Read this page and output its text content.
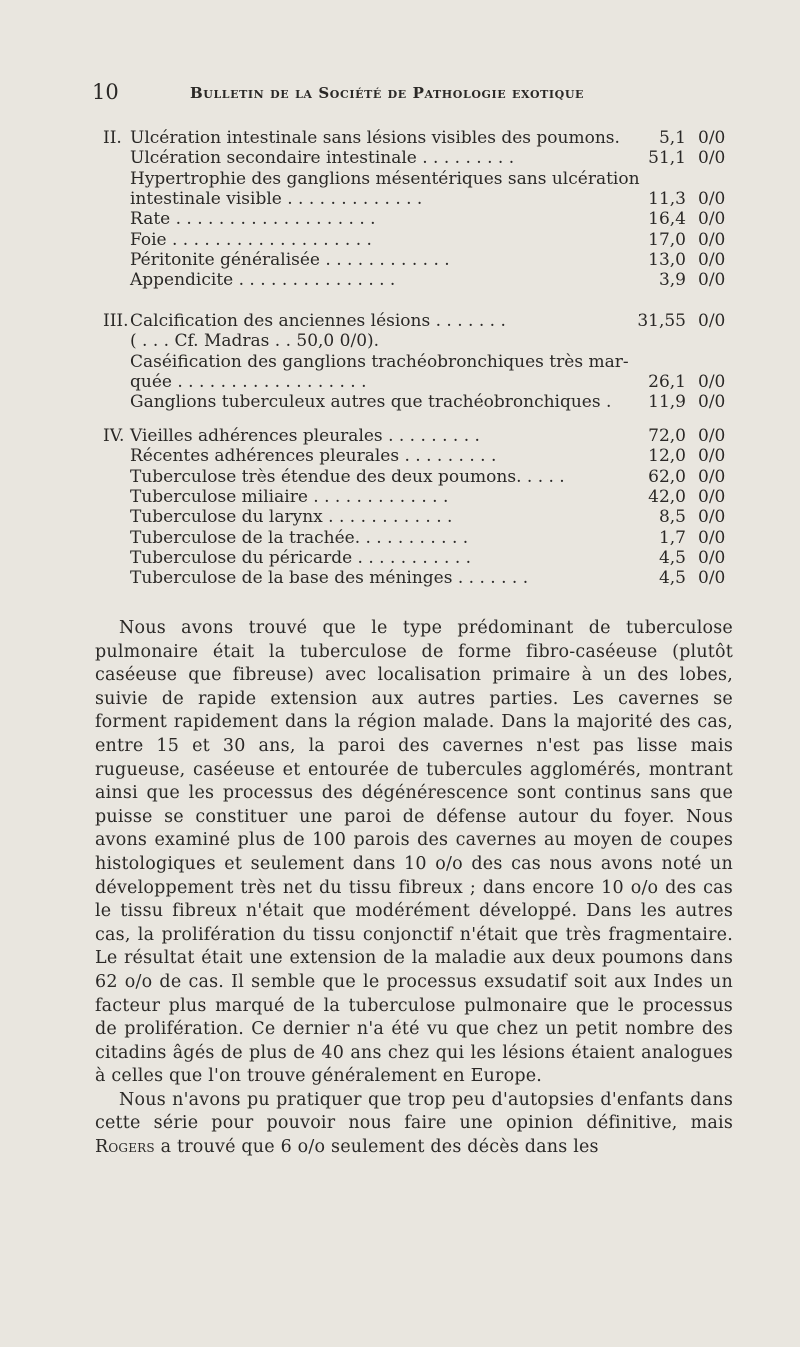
10	Bulletin de la Société de Pathologie exotique
II. Ulcération intestinale sans lésions visibles des poumons.	5,1 0/0
Ulcération secondaire intestinale . . . . . . . . .	51,1 0/0
Hypertrophie des ganglions mésentériques sans ulcération
intestinale visible . . . . . . . . . . . . .	11,3 0/0
Rate . . . . . . . . . . . . . . . . . . .	16,4 0/0
Foie . . . . . . . . . . . . . . . . . . .	17,0 0/0
Péritonite généralisée . . . . . . . . . . . .	13,0 0/0
Appendicite . . . . . . . . . . . . . . .	3,9 0/0
III. Calcification des anciennes lésions . . . . . . .	31,55 0/0
( . . . Cf. Madras . . 50,0 0/0).
Caséification des ganglions trachéobronchiques très mar-
quée . . . . . . . . . . . . . . . . . .	26,1 0/0
Ganglions tuberculeux autres que trachéobronchiques .	11,9 0/0
IV. Vieilles adhérences pleurales . . . . . . . . .	72,0 0/0
Récentes adhérences pleurales . . . . . . . . .	12,0 0/0
Tuberculose très étendue des deux poumons. . . . .	62,0 0/0
Tuberculose miliaire . . . . . . . . . . . . .	42,0 0/0
Tuberculose du larynx . . . . . . . . . . . .	8,5 0/0
Tuberculose de la trachée. . . . . . . . . . .	1,7 0/0
Tuberculose du péricarde . . . . . . . . . . .	4,5 0/0
Tuberculose de la base des méninges . . . . . . .	4,5 0/0

Nous avons trouvé que le type prédominant de tuberculose pulmonaire était la tuberculose de forme fibro-caséeuse (plutôt caséeuse que fibreuse) avec localisation primaire à un des lobes, suivie de rapide extension aux autres parties. Les cavernes se forment rapidement dans la région malade. Dans la majorité des cas, entre 15 et 30 ans, la paroi des cavernes n'est pas lisse mais rugueuse, caséeuse et entourée de tubercules agglomérés, montrant ainsi que les processus des dégénérescence sont continus sans que puisse se constituer une paroi de défense autour du foyer. Nous avons examiné plus de 100 parois des cavernes au moyen de coupes histologiques et seulement dans 10 o/o des cas nous avons noté un développement très net du tissu fibreux ; dans encore 10 o/o des cas le tissu fibreux n'était que modérément développé. Dans les autres cas, la prolifération du tissu conjonctif n'était que très fragmentaire. Le résultat était une extension de la maladie aux deux poumons dans 62 o/o de cas. Il semble que le processus exsudatif soit aux Indes un facteur plus marqué de la tuberculose pulmonaire que le processus de prolifération. Ce dernier n'a été vu que chez un petit nombre des citadins âgés de plus de 40 ans chez qui les lésions étaient analogues à celles que l'on trouve généralement en Europe.

Nous n'avons pu pratiquer que trop peu d'autopsies d'enfants dans cette série pour pouvoir nous faire une opinion définitive, mais Rogers a trouvé que 6 o/o seulement des décès dans les
